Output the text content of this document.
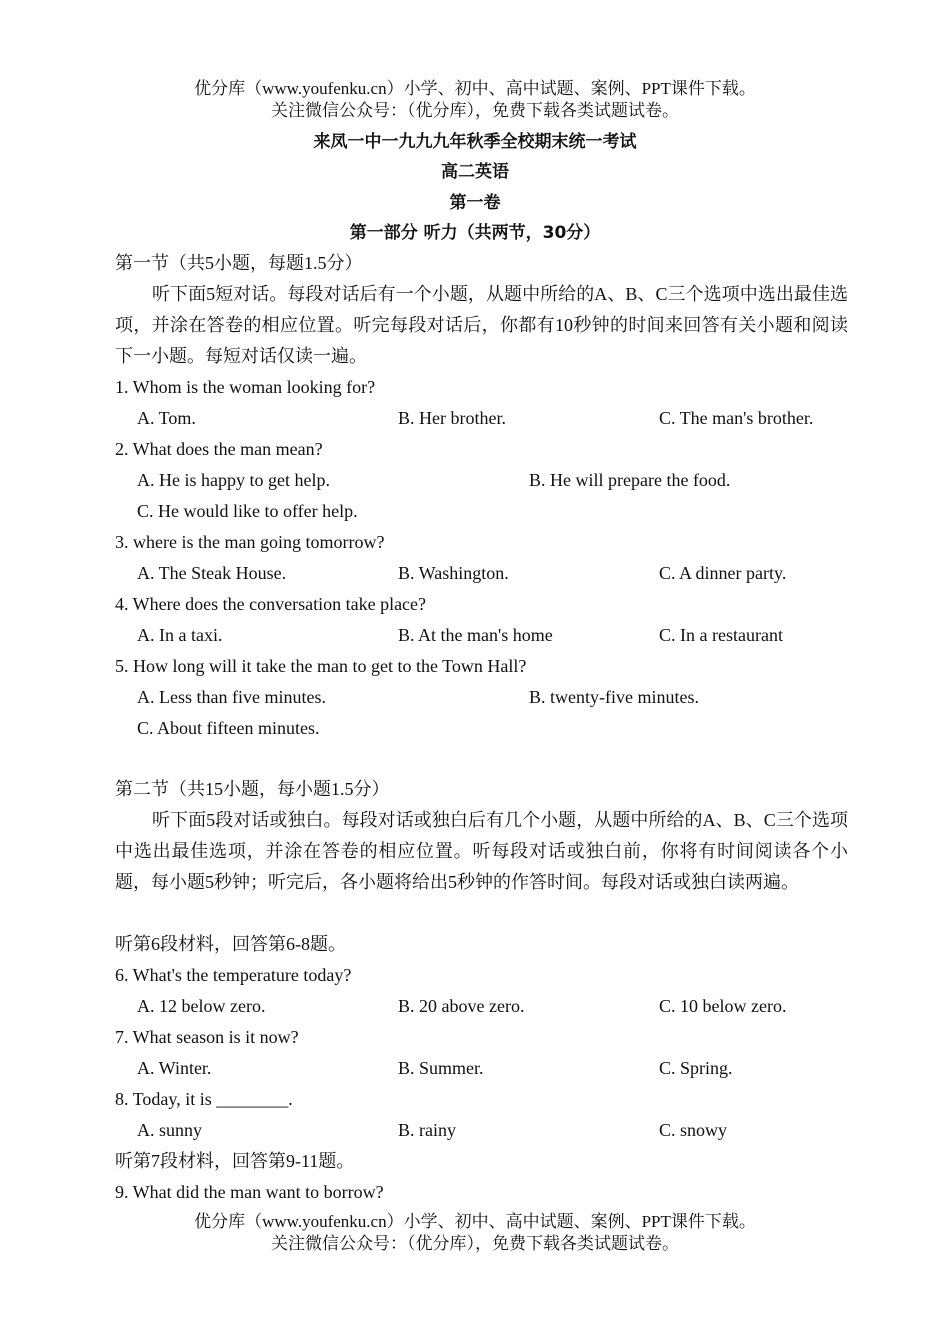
优分库（www.youfenku.cn）小学、初中、高中试题、案例、PPT课件下载。
关注微信公众号：（优分库），免费下载各类试题试卷。
来凤一中一九九九年秋季全校期末统一考试
高二英语
第一卷
第一部分 听力（共两节，30分）
第一节（共5小题，每题1.5分）
听下面5短对话。每段对话后有一个小题，从题中所给的A、B、C三个选项中选出最佳选项，并涂在答卷的相应位置。听完每段对话后，你都有10秒钟的时间来回答有关小题和阅读下一小题。每短对话仅读一遍。
1. Whom is the woman looking for?
A. Tom.	B. Her brother.	C. The man's brother.
2. What does the man mean?
A. He is happy to get help.	B. He will prepare the food.
C. He would like to offer help.
3. where is the man going tomorrow?
A. The Steak House.	B. Washington.	C. A dinner party.
4. Where does the conversation take place?
A. In a taxi.	B. At the man's home	C. In a restaurant
5. How long will it take the man to get to the Town Hall?
A. Less than five minutes.	B. twenty-five minutes.
C. About fifteen minutes.
第二节（共15小题，每小题1.5分）
听下面5段对话或独白。每段对话或独白后有几个小题，从题中所给的A、B、C三个选项中选出最佳选项，并涂在答卷的相应位置。听每段对话或独白前，你将有时间阅读各个小题，每小题5秒钟；听完后，各小题将给出5秒钟的作答时间。每段对话或独白读两遍。
听第6段材料，回答第6-8题。
6. What's the temperature today?
A. 12 below zero.	B. 20 above zero.	C. 10 below zero.
7. What season is it now?
A. Winter.	B. Summer.	C. Spring.
8. Today, it is ________.
A. sunny	B. rainy	C. snowy
听第7段材料，回答第9-11题。
9. What did the man want to borrow?
优分库（www.youfenku.cn）小学、初中、高中试题、案例、PPT课件下载。
关注微信公众号：（优分库），免费下载各类试题试卷。
